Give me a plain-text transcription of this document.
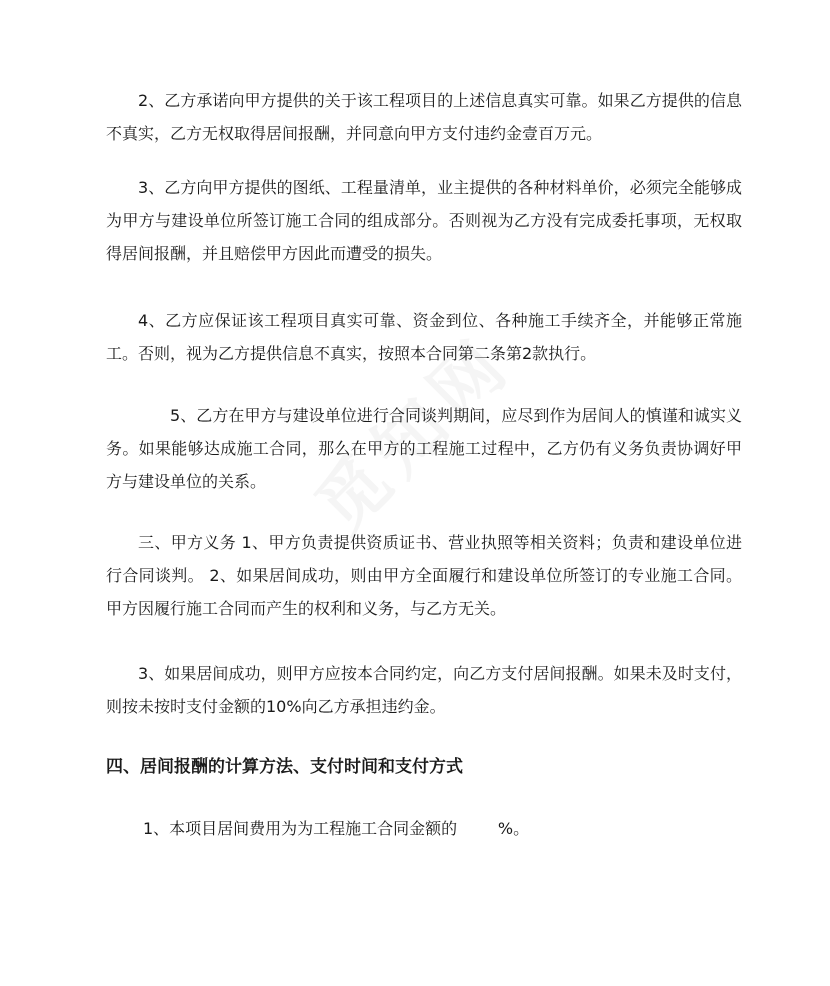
2、乙方承诺向甲方提供的关于该工程项目的上述信息真实可靠。如果乙方提供的信息不真实，乙方无权取得居间报酬，并同意向甲方支付违约金壹百万元。

3、乙方向甲方提供的图纸、工程量清单，业主提供的各种材料单价，必须完全能够成为甲方与建设单位所签订施工合同的组成部分。否则视为乙方没有完成委托事项，无权取得居间报酬，并且赔偿甲方因此而遭受的损失。

4、乙方应保证该工程项目真实可靠、资金到位、各种施工手续齐全，并能够正常施工。否则，视为乙方提供信息不真实，按照本合同第二条第2款执行。

5、乙方在甲方与建设单位进行合同谈判期间，应尽到作为居间人的慎谨和诚实义务。如果能够达成施工合同，那么在甲方的工程施工过程中，乙方仍有义务负责协调好甲方与建设单位的关系。

三、甲方义务 1、甲方负责提供资质证书、营业执照等相关资料；负责和建设单位进行合同谈判。 2、如果居间成功，则由甲方全面履行和建设单位所签订的专业施工合同。甲方因履行施工合同而产生的权利和义务，与乙方无关。

3、如果居间成功，则甲方应按本合同约定，向乙方支付居间报酬。如果未及时支付，则按未按时支付金额的10%向乙方承担违约金。

四、居间报酬的计算方法、支付时间和支付方式

1、本项目居间费用为为工程施工合同金额的        %。
